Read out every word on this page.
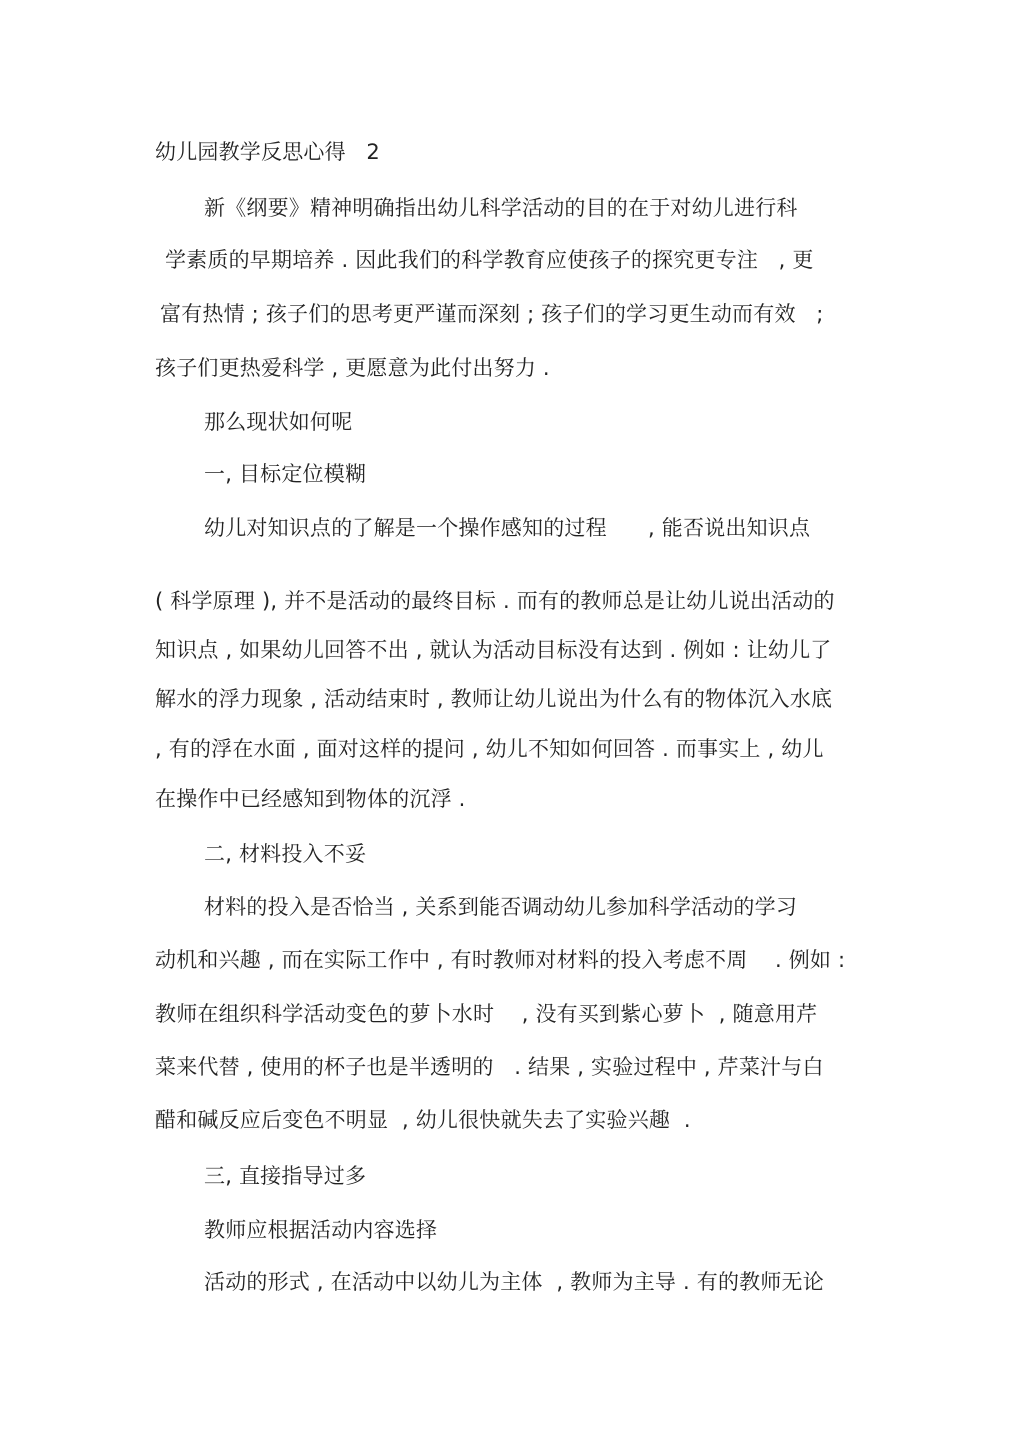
幼儿园教学反思心得   2
新《纲要》精神明确指出幼儿科学活动的目的在于对幼儿进行科
学素质的早期培养 . 因此我们的科学教育应使孩子的探究更专注   , 更
富有热情 ; 孩子们的思考更严谨而深刻 ; 孩子们的学习更生动而有效   ;
孩子们更热爱科学 , 更愿意为此付出努力 .
那么现状如何呢
一, 目标定位模糊
幼儿对知识点的了解是一个操作感知的过程      , 能否说出知识点
( 科学原理 ), 并不是活动的最终目标 . 而有的教师总是让幼儿说出活动的
知识点 , 如果幼儿回答不出 , 就认为活动目标没有达到 . 例如 : 让幼儿了
解水的浮力现象 , 活动结束时 , 教师让幼儿说出为什么有的物体沉入水底
, 有的浮在水面 , 面对这样的提问 , 幼儿不知如何回答 . 而事实上 , 幼儿
在操作中已经感知到物体的沉浮 .
二, 材料投入不妥
材料的投入是否恰当 , 关系到能否调动幼儿参加科学活动的学习
动机和兴趣 , 而在实际工作中 , 有时教师对材料的投入考虑不周    . 例如 :
教师在组织科学活动变色的萝卜水时    , 没有买到紫心萝卜  , 随意用芹
菜来代替 , 使用的杯子也是半透明的   . 结果 , 实验过程中 , 芹菜汁与白
醋和碱反应后变色不明显  , 幼儿很快就失去了实验兴趣  .
三, 直接指导过多
教师应根据活动内容选择
活动的形式 , 在活动中以幼儿为主体  , 教师为主导 . 有的教师无论
